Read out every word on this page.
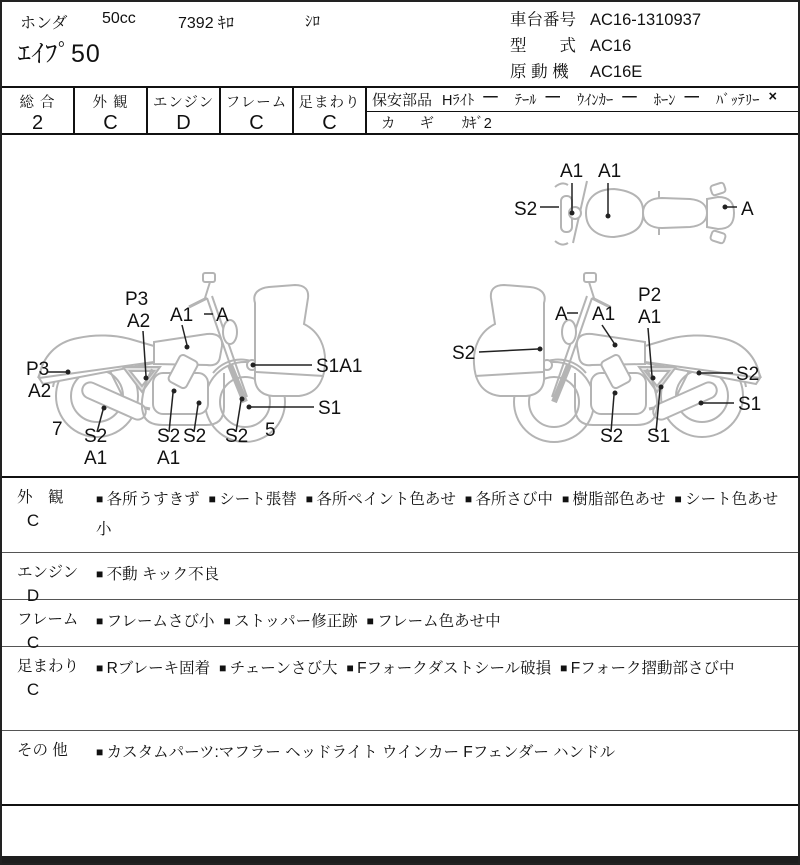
ホンダ 50cc	7392 ｷﾛ	ｼﾛ
ｴｲﾌﾟ50
車台番号 AC16-1310937
型　　式 AC16
原 動 機 AC16E
総 合
2
外 観
C
エンジン
D
フレーム
C
足まわり
C
保安部品 Hﾗｲﾄ — ﾃｰﾙ — ｳｲﾝｶｰ — ﾎｰﾝ — ﾊﾞｯﾃﾘｰ ×
カ ギ ｶｷﾞ2
A1 A1
S2	A
P3
A2 A1 A
P3
A2
S1A1
S1
7 S2
A1
S2
A1
S2 S2 5
S2
A A1
P2
A1
S2
S1
S2 S1
外　観
C
■ 各所うすきず ■ シート張替 ■ 各所ペイント色あせ ■ 各所さび中 ■ 樹脂部色あせ ■ シート色あせ小
エンジン
D
■ 不動 キック不良
フレーム
C
■ フレームさび小 ■ ストッパー修正跡 ■ フレーム色あせ中
足まわり
C
■ Rブレーキ固着 ■ チェーンさび大 ■ Fフォークダストシール破損 ■ Fフォーク摺動部さび中
その 他	■ カスタムパーツ:マフラー ヘッドライト ウインカー Fフェンダー ハンドル
